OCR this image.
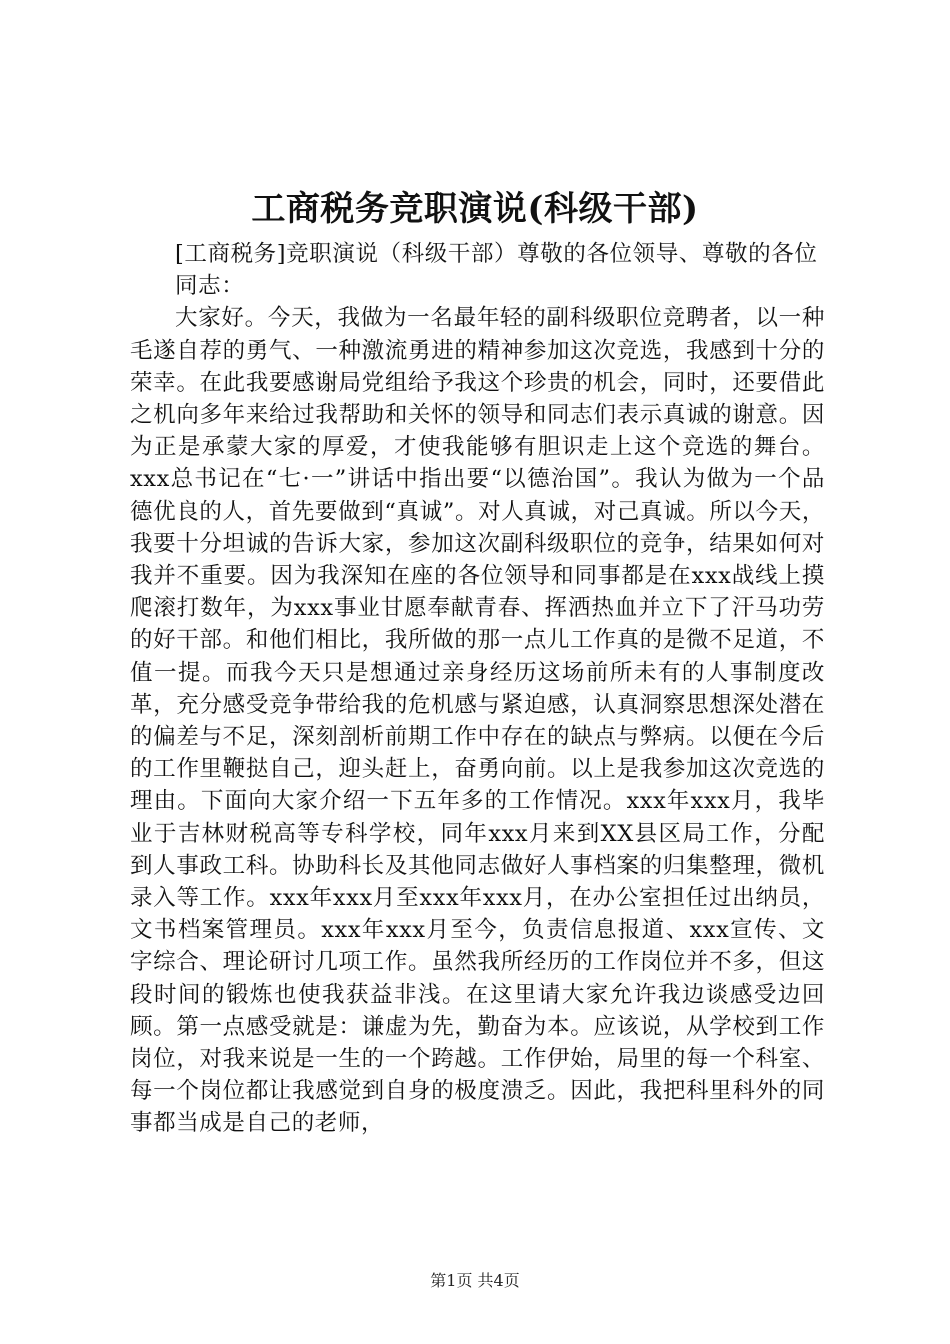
工商税务竞职演说(科级干部)

[工商税务]竞职演说（科级干部）尊敬的各位领导、尊敬的各位

同志：

大家好。今天，我做为一名最年轻的副科级职位竞聘者，以一种毛遂自荐的勇气、一种激流勇进的精神参加这次竞选，我感到十分的荣幸。在此我要感谢局党组给予我这个珍贵的机会，同时，还要借此之机向多年来给过我帮助和关怀的领导和同志们表示真诚的谢意。因为正是承蒙大家的厚爱，才使我能够有胆识走上这个竞选的舞台。xxx总书记在“七·一”讲话中指出要“以德治国”。我认为做为一个品德优良的人，首先要做到“真诚”。对人真诚，对己真诚。所以今天，我要十分坦诚的告诉大家，参加这次副科级职位的竞争，结果如何对我并不重要。因为我深知在座的各位领导和同事都是在xxx战线上摸爬滚打数年，为xxx事业甘愿奉献青春、挥洒热血并立下了汗马功劳的好干部。和他们相比，我所做的那一点儿工作真的是微不足道，不值一提。而我今天只是想通过亲身经历这场前所未有的人事制度改革，充分感受竞争带给我的危机感与紧迫感，认真洞察思想深处潜在的偏差与不足，深刻剖析前期工作中存在的缺点与弊病。以便在今后的工作里鞭挞自己，迎头赶上，奋勇向前。以上是我参加这次竞选的理由。下面向大家介绍一下五年多的工作情况。xxx年xxx月，我毕业于吉林财税高等专科学校，同年xxx月来到XX县区局工作，分配到人事政工科。协助科长及其他同志做好人事档案的归集整理，微机录入等工作。xxx年xxx月至xxx年xxx月，在办公室担任过出纳员，文书档案管理员。xxx年xxx月至今，负责信息报道、xxx宣传、文字综合、理论研讨几项工作。虽然我所经历的工作岗位并不多，但这段时间的锻炼也使我获益非浅。在这里请大家允许我边谈感受边回顾。第一点感受就是：谦虚为先，勤奋为本。应该说，从学校到工作岗位，对我来说是一生的一个跨越。工作伊始，局里的每一个科室、每一个岗位都让我感觉到自身的极度溃乏。因此，我把科里科外的同事都当成是自己的老师，

第1页 共4页
